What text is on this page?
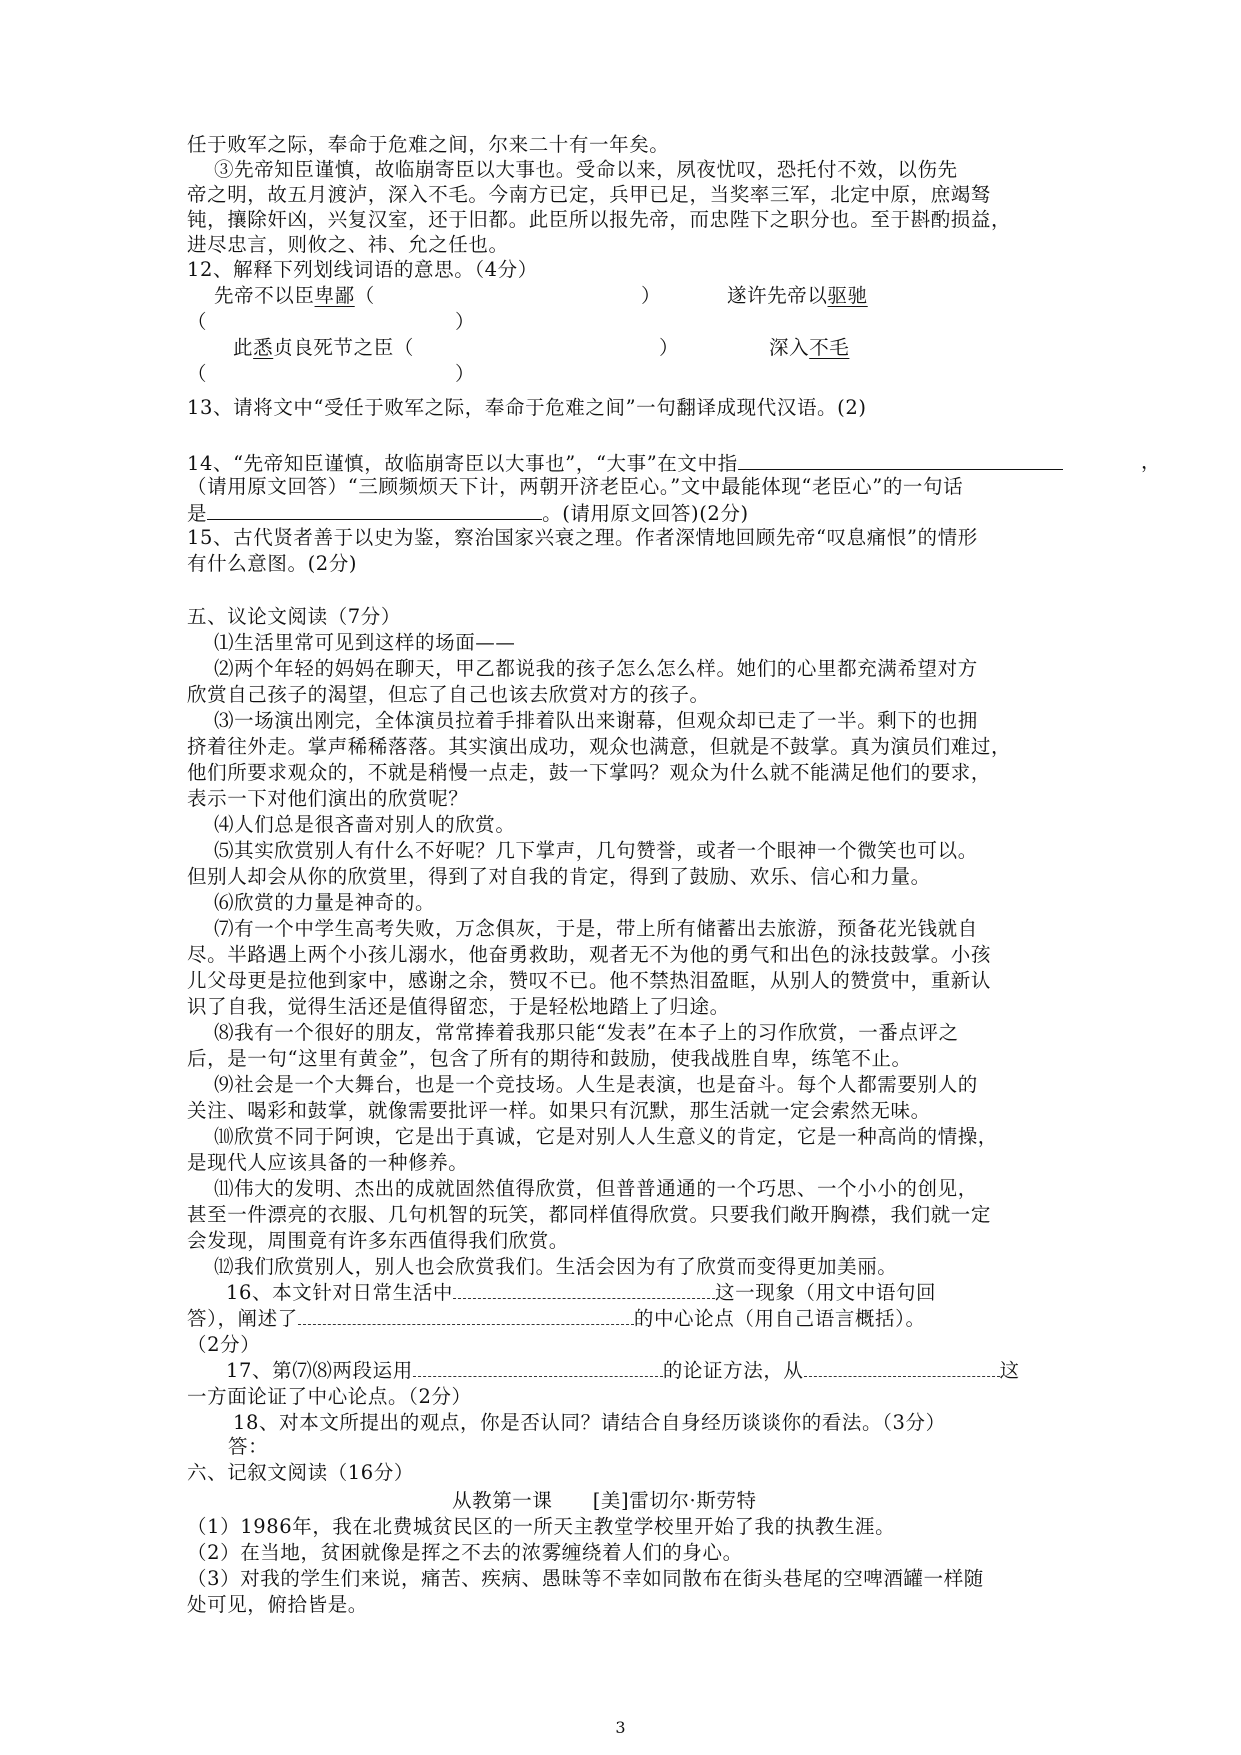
任于败军之际，奉命于危难之间，尔来二十有一年矣。
③先帝知臣谨慎，故临崩寄臣以大事也。受命以来，夙夜忧叹，恐托付不效，以伤先
帝之明，故五月渡泸，深入不毛。今南方已定，兵甲已足，当奖率三军，北定中原，庶竭驽
钝，攘除奸凶，兴复汉室，还于旧都。此臣所以报先帝，而忠陛下之职分也。至于斟酌损益，
进尽忠言，则攸之、祎、允之任也。
12、解释下列划线词语的意思。（4分）
先帝不以臣卑鄙（	）	遂许先帝以驱驰
（	）
此悉贞良死节之臣（	）	深入不毛
（	）
13、请将文中“受任于败军之际，奉命于危难之间”一句翻译成现代汉语。(2)
14、“先帝知臣谨慎，故临崩寄臣以大事也”，“大事”在文中指	，
（请用原文回答）“三顾频烦天下计，两朝开济老臣心。”文中最能体现“老臣心”的一句话
是	。(请用原文回答)(2分)
15、古代贤者善于以史为鉴，察治国家兴衰之理。作者深情地回顾先帝“叹息痛恨”的情形
有什么意图。(2分)
五、议论文阅读（7分）
⑴生活里常可见到这样的场面——
⑵两个年轻的妈妈在聊天，甲乙都说我的孩子怎么怎么样。她们的心里都充满希望对方
欣赏自己孩子的渴望，但忘了自己也该去欣赏对方的孩子。
⑶一场演出刚完，全体演员拉着手排着队出来谢幕，但观众却已走了一半。剩下的也拥
挤着往外走。掌声稀稀落落。其实演出成功，观众也满意，但就是不鼓掌。真为演员们难过，
他们所要求观众的，不就是稍慢一点走，鼓一下掌吗？观众为什么就不能满足他们的要求，
表示一下对他们演出的欣赏呢？
⑷人们总是很吝啬对别人的欣赏。
⑸其实欣赏别人有什么不好呢？几下掌声，几句赞誉，或者一个眼神一个微笑也可以。
但别人却会从你的欣赏里，得到了对自我的肯定，得到了鼓励、欢乐、信心和力量。
⑹欣赏的力量是神奇的。
⑺有一个中学生高考失败，万念俱灰，于是，带上所有储蓄出去旅游，预备花光钱就自
尽。半路遇上两个小孩儿溺水，他奋勇救助，观者无不为他的勇气和出色的泳技鼓掌。小孩
儿父母更是拉他到家中，感谢之余，赞叹不已。他不禁热泪盈眶，从别人的赞赏中，重新认
识了自我，觉得生活还是值得留恋，于是轻松地踏上了归途。
⑻我有一个很好的朋友，常常捧着我那只能“发表”在本子上的习作欣赏，一番点评之
后，是一句“这里有黄金”，包含了所有的期待和鼓励，使我战胜自卑，练笔不止。
⑼社会是一个大舞台，也是一个竞技场。人生是表演，也是奋斗。每个人都需要别人的
关注、喝彩和鼓掌，就像需要批评一样。如果只有沉默，那生活就一定会索然无味。
⑽欣赏不同于阿谀，它是出于真诚，它是对别人人生意义的肯定，它是一种高尚的情操，
是现代人应该具备的一种修养。
⑾伟大的发明、杰出的成就固然值得欣赏，但普普通通的一个巧思、一个小小的创见，
甚至一件漂亮的衣服、几句机智的玩笑，都同样值得欣赏。只要我们敞开胸襟，我们就一定
会发现，周围竟有许多东西值得我们欣赏。
⑿我们欣赏别人，别人也会欣赏我们。生活会因为有了欣赏而变得更加美丽。
16、本文针对日常生活中	这一现象（用文中语句回
答），阐述了	的中心论点（用自己语言概括）。
（2分）
17、第⑺⑻两段运用	的论证方法，从	这
一方面论证了中心论点。（2分）
18、对本文所提出的观点，你是否认同？请结合自身经历谈谈你的看法。（3分）
答：
六、记叙文阅读（16分）
从教第一课　　[美]雷切尔·斯劳特
（1）1986年，我在北费城贫民区的一所天主教堂学校里开始了我的执教生涯。
（2）在当地，贫困就像是挥之不去的浓雾缠绕着人们的身心。
（3）对我的学生们来说，痛苦、疾病、愚昧等不幸如同散布在街头巷尾的空啤酒罐一样随
处可见，俯拾皆是。
3
